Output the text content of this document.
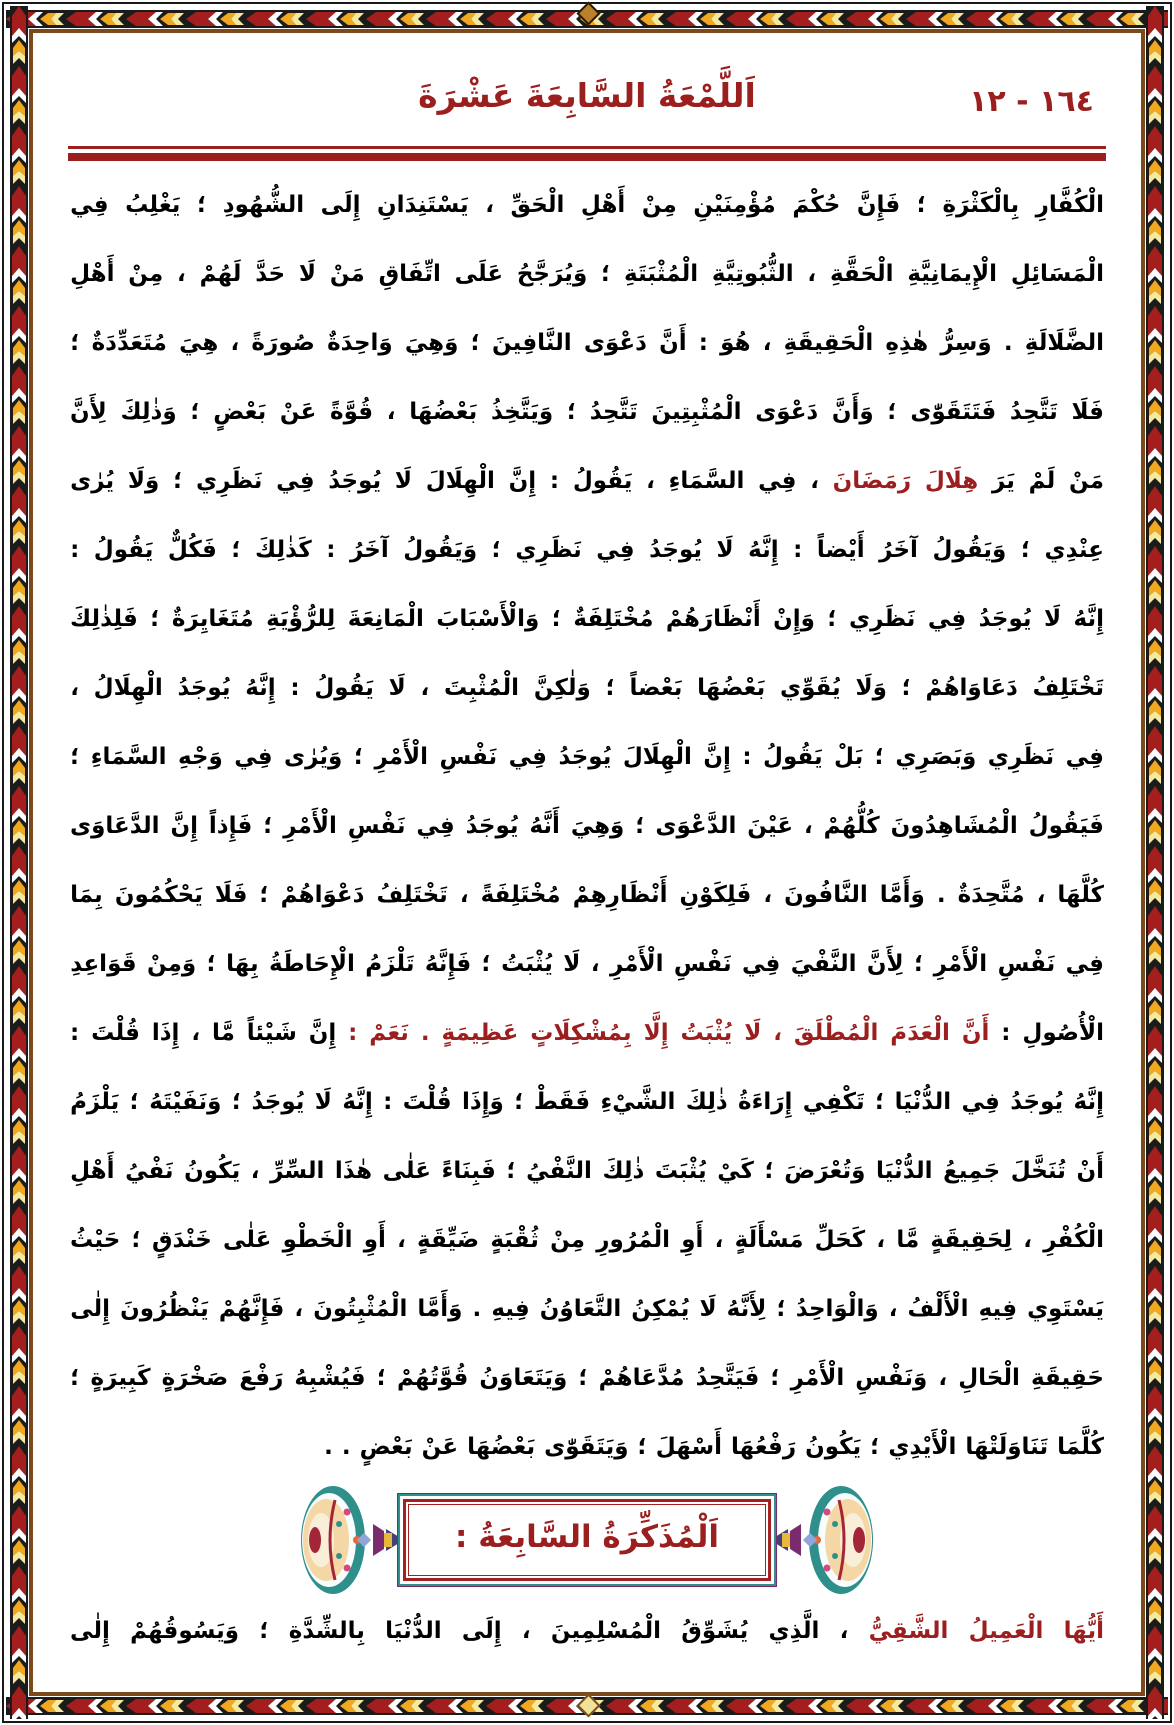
١٦٤ - ١٢
اَللَّمْعَةُ السَّابِعَةَ عَشْرَةَ
الْكُفَّارِ
بِالْكَثْرَةِ
؛
فَإِنَّ
حُكْمَ
مُؤْمِنَيْنِ
مِنْ
أَهْلِ
الْحَقِّ
،
يَسْتَنِدَانِ
إِلَى
الشُّهُودِ
؛
يَغْلِبُ
فِي
الْمَسَائِلِ
الْإِيمَانِيَّةِ
الْحَقَّةِ
،
الثُّبُوتِيَّةِ
الْمُثْبَتَةِ
؛
وَيُرَجَّحُ
عَلَى
اتِّفَاقِ
مَنْ
لَا
حَدَّ
لَهُمْ
،
مِنْ
أَهْلِ
الضَّلَالَةِ
.
وَسِرُّ
هٰذِهِ
الْحَقِيقَةِ
،
هُوَ
:
أَنَّ
دَعْوَى
النَّافِينَ
؛
وَهِيَ
وَاحِدَةٌ
صُورَةً
،
هِيَ
مُتَعَدِّدَةٌ
؛
فَلَا
تَتَّحِدُ
فَتَتَقَوّٰى
؛
وَأَنَّ
دَعْوَى
الْمُثْبِتِينَ
تَتَّحِدُ
؛
وَيَتَّخِذُ
بَعْضُهَا
،
قُوَّةً
عَنْ
بَعْضٍ
؛
وَذٰلِكَ
لِأَنَّ
مَنْ
لَمْ
يَرَ
هِلَالَ
رَمَضَانَ
،
فِي
السَّمَاءِ
،
يَقُولُ
:
إِنَّ
الْهِلَالَ
لَا
يُوجَدُ
فِي
نَظَرِي
؛
وَلَا
يُرٰى
عِنْدِي
؛
وَيَقُولُ
آخَرُ
أَيْضاً
:
إِنَّهُ
لَا
يُوجَدُ
فِي
نَظَرِي
؛
وَيَقُولُ
آخَرُ
:
كَذٰلِكَ
؛
فَكُلٌّ
يَقُولُ
:
إِنَّهُ
لَا
يُوجَدُ
فِي
نَظَرِي
؛
وَإِنْ
أَنْظَارَهُمْ
مُخْتَلِفَةٌ
؛
وَالْأَسْبَابَ
الْمَانِعَةَ
لِلرُّؤْيَةِ
مُتَغَايِرَةٌ
؛
فَلِذٰلِكَ
تَخْتَلِفُ
دَعَاوَاهُمْ
؛
وَلَا
يُقَوِّي
بَعْضُهَا
بَعْضاً
؛
وَلٰكِنَّ
الْمُثْبِتَ
،
لَا
يَقُولُ
:
إِنَّهُ
يُوجَدُ
الْهِلَالُ
،
فِي
نَظَرِي
وَبَصَرِي
؛
بَلْ
يَقُولُ
:
إِنَّ
الْهِلَالَ
يُوجَدُ
فِي
نَفْسِ
الْأَمْرِ
؛
وَيُرٰى
فِي
وَجْهِ
السَّمَاءِ
؛
فَيَقُولُ
الْمُشَاهِدُونَ
كُلُّهُمْ
،
عَيْنَ
الدَّعْوَى
؛
وَهِيَ
أَنَّهُ
يُوجَدُ
فِي
نَفْسِ
الْأَمْرِ
؛
فَإِذاً
إِنَّ
الدَّعَاوَى
كُلَّهَا
،
مُتَّحِدَةٌ
.
وَأَمَّا
النَّافُونَ
،
فَلِكَوْنِ
أَنْظَارِهِمْ
مُخْتَلِفَةً
،
تَخْتَلِفُ
دَعْوَاهُمْ
؛
فَلَا
يَحْكُمُونَ
بِمَا
فِي
نَفْسِ
الْأَمْرِ
؛
لِأَنَّ
النَّفْيَ
فِي
نَفْسِ
الْأَمْرِ
،
لَا
يُثْبَتُ
؛
فَإِنَّهُ
تَلْزَمُ
الْإِحَاطَةُ
بِهَا
؛
وَمِنْ
قَوَاعِدِ
الْأُصُولِ
:
أَنَّ
الْعَدَمَ
الْمُطْلَقَ
،
لَا
يُثْبَتُ
إِلَّا
بِمُشْكِلَاتٍ
عَظِيمَةٍ
.
نَعَمْ
:
إِنَّ
شَيْئاً
مَّا
،
إِذَا
قُلْتَ
:
إِنَّهُ
يُوجَدُ
فِي
الدُّنْيَا
؛
تَكْفِي
إِرَاءَةُ
ذٰلِكَ
الشَّيْءِ
فَقَطْ
؛
وَإِذَا
قُلْتَ
:
إِنَّهُ
لَا
يُوجَدُ
؛
وَنَفَيْتَهُ
؛
يَلْزَمُ
أَنْ
تُنَخَّلَ
جَمِيعُ
الدُّنْيَا
وَتُعْرَضَ
؛
كَيْ
يُثْبَتَ
ذٰلِكَ
النَّفْيُ
؛
فَبِنَاءً
عَلٰى
هٰذَا
السِّرِّ
،
يَكُونُ
نَفْيُ
أَهْلِ
الْكُفْرِ
،
لِحَقِيقَةٍ
مَّا
،
كَحَلِّ
مَسْأَلَةٍ
،
أَوِ
الْمُرُورِ
مِنْ
ثُقْبَةٍ
ضَيِّقَةٍ
،
أَوِ
الْخَطْوِ
عَلٰى
خَنْدَقٍ
؛
حَيْثُ
يَسْتَوِي
فِيهِ
الْأَلْفُ
،
وَالْوَاحِدُ
؛
لِأَنَّهُ
لَا
يُمْكِنُ
التَّعَاوُنُ
فِيهِ
.
وَأَمَّا
الْمُثْبِتُونَ
،
فَإِنَّهُمْ
يَنْظُرُونَ
إِلٰى
حَقِيقَةِ
الْحَالِ
،
وَنَفْسِ
الْأَمْرِ
؛
فَيَتَّحِدُ
مُدَّعَاهُمْ
؛
وَيَتَعَاوَنُ
قُوَّتُهُمْ
؛
فَيُشْبِهُ
رَفْعَ
صَخْرَةٍ
كَبِيرَةٍ
؛
كُلَّمَا
تَنَاوَلَتْهَا
الْأَيْدِي
؛
يَكُونُ
رَفْعُهَا
أَسْهَلَ
؛
وَيَتَقَوّٰى
بَعْضُهَا
عَنْ
بَعْضٍ
.
.
اَلْمُذَكِّرَةُ السَّابِعَةُ :
أَيُّهَا
الْعَمِيلُ
الشَّقِيُّ
،
الَّذِي
يُشَوِّقُ
الْمُسْلِمِينَ
،
إِلَى
الدُّنْيَا
بِالشِّدَّةِ
؛
وَيَسُوقُهُمْ
إِلٰى
